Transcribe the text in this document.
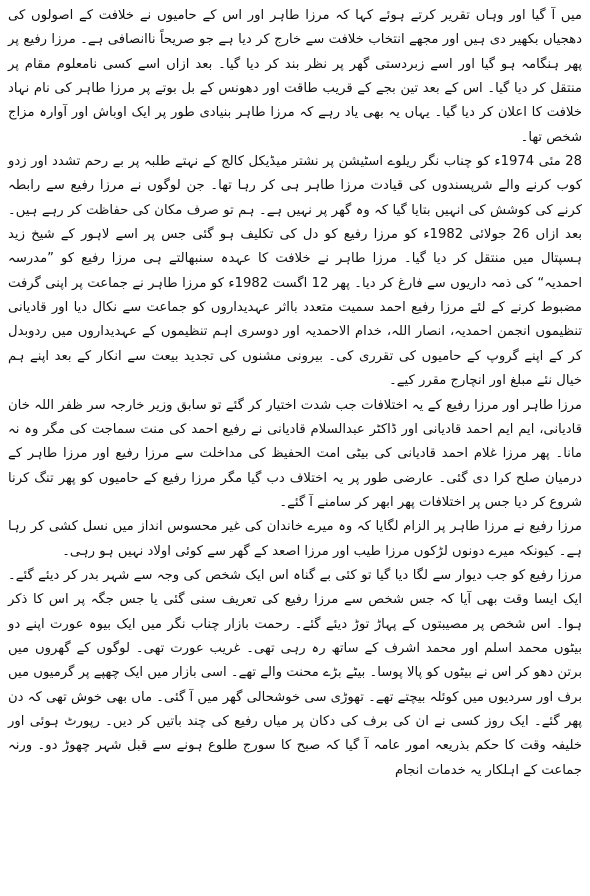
میں آ گیا اور وہاں تقریر کرتے ہوئے کہا کہ مرزا طاہر اور اس کے حامیوں نے خلافت کے اصولوں کی دھجیاں بکھیر دی ہیں اور مجھے انتخاب خلافت سے خارج کر دیا ہے جو صریحاً ناانصافی ہے۔ مرزا رفیع پر پھر ہنگامہ ہو گیا اور اسے زبردستی گھر پر نظر بند کر دیا گیا۔ بعد ازاں اسے کسی نامعلوم مقام پر منتقل کر دیا گیا۔ اس کے بعد تین بجے کے قریب طاقت اور دھونس کے بل بوتے پر مرزا طاہر کی نام نہاد خلافت کا اعلان کر دیا گیا۔ یہاں یہ بھی یاد رہے کہ مرزا طاہر بنیادی طور پر ایک اوباش اور آوارہ مزاج شخص تھا۔

28 مئی 1974ء کو چناب نگر ریلوے اسٹیشن پر نشتر میڈیکل کالج کے نہتے طلبہ پر بے رحم تشدد اور زدو کوب کرنے والے شرپسندوں کی قیادت مرزا طاہر ہی کر رہا تھا۔ جن لوگوں نے مرزا رفیع سے رابطہ کرنے کی کوشش کی انہیں بتایا گیا کہ وہ گھر پر نہیں ہے۔ ہم تو صرف مکان کی حفاظت کر رہے ہیں۔ بعد ازاں 26 جولائی 1982ء کو مرزا رفیع کو دل کی تکلیف ہو گئی جس پر اسے لاہور کے شیخ زید ہسپتال میں منتقل کر دیا گیا۔ مرزا طاہر نے خلافت کا عہدہ سنبھالتے ہی مرزا رفیع کو ”مدرسہ احمدیہ“ کی ذمہ داریوں سے فارغ کر دیا۔ پھر 12 اگست 1982ء کو مرزا طاہر نے جماعت پر اپنی گرفت مضبوط کرنے کے لئے مرزا رفیع احمد سمیت متعدد بااثر عہدیداروں کو جماعت سے نکال دیا اور قادیانی تنظیموں انجمن احمدیہ، انصار اللہ، خدام الاحمدیہ اور دوسری اہم تنظیموں کے عہدیداروں میں ردوبدل کر کے اپنے گروپ کے حامیوں کی تقرری کی۔ بیرونی مشنوں کی تجدید بیعت سے انکار کے بعد اپنے ہم خیال نئے مبلغ اور انچارج مقرر کیے۔

مرزا طاہر اور مرزا رفیع کے یہ اختلافات جب شدت اختیار کر گئے تو سابق وزیر خارجہ سر ظفر اللہ خان قادیانی، ایم ایم احمد قادیانی اور ڈاکٹر عبدالسلام قادیانی نے رفیع احمد کی منت سماجت کی مگر وہ نہ مانا۔ پھر مرزا غلام احمد قادیانی کی بیٹی امت الحفیظ کی مداخلت سے مرزا رفیع اور مرزا طاہر کے درمیان صلح کرا دی گئی۔ عارضی طور پر یہ اختلاف دب گیا مگر مرزا رفیع کے حامیوں کو پھر تنگ کرنا شروع کر دیا جس پر اختلافات پھر ابھر کر سامنے آ گئے۔

مرزا رفیع نے مرزا طاہر پر الزام لگایا کہ وہ میرے خاندان کی غیر محسوس انداز میں نسل کشی کر رہا ہے۔ کیونکہ میرے دونوں لڑکوں مرزا طیب اور مرزا اصعد کے گھر سے کوئی اولاد نہیں ہو رہی۔

مرزا رفیع کو جب دیوار سے لگا دیا گیا تو کئی بے گناہ اس ایک شخص کی وجہ سے شہر بدر کر دیئے گئے۔ ایک ایسا وقت بھی آیا کہ جس شخص سے مرزا رفیع کی تعریف سنی گئی یا جس جگہ پر اس کا ذکر ہوا۔ اس شخص پر مصیبتوں کے پہاڑ توڑ دیئے گئے۔ رحمت بازار چناب نگر میں ایک بیوہ عورت اپنے دو بیٹوں محمد اسلم اور محمد اشرف کے ساتھ رہ رہی تھی۔ غریب عورت تھی۔ لوگوں کے گھروں میں برتن دھو کر اس نے بیٹوں کو پالا پوسا۔ بیٹے بڑے محنت والے تھے۔ اسی بازار میں ایک چھپے پر گرمیوں میں برف اور سردیوں میں کوئلہ بیچتے تھے۔ تھوڑی سی خوشحالی گھر میں آ گئی۔ ماں بھی خوش تھی کہ دن پھر گئے۔ ایک روز کسی نے ان کی برف کی دکان پر میاں رفیع کی چند باتیں کر دیں۔ رپورٹ ہوئی اور خلیفہ وقت کا حکم بذریعہ امور عامہ آ گیا کہ صبح کا سورج طلوع ہونے سے قبل شہر چھوڑ دو۔ ورنہ جماعت کے اہلکار یہ خدمات انجام
